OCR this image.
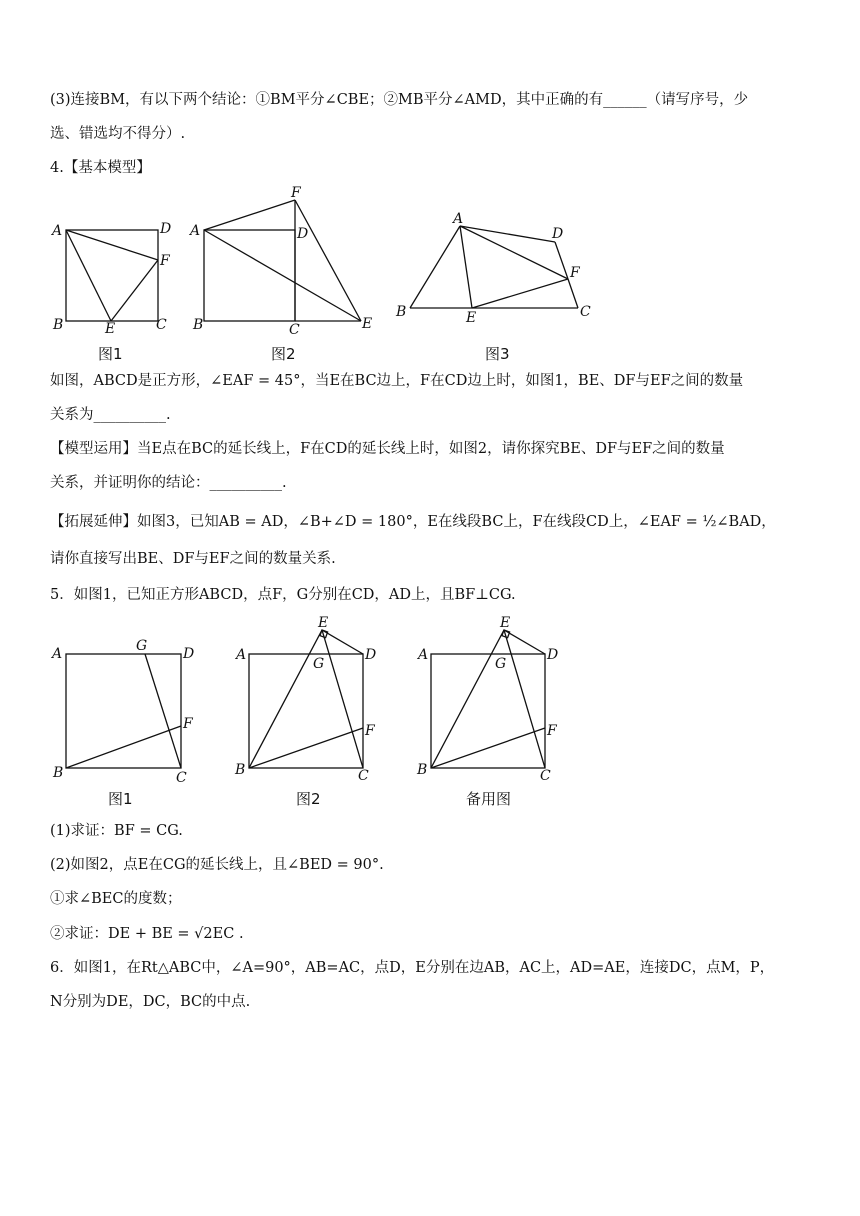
(3)连接BM，有以下两个结论：①BM平分∠CBE；②MB平分∠AMD，其中正确的有______（请写序号，少
选、错选均不得分）.
4.【基本模型】
A	D
F
B	E	C
图1
A
F
D
B	C	E
图2
A
D
F
B	E	C
图3
如图，ABCD是正方形，∠EAF = 45°，当E在BC边上，F在CD边上时，如图1，BE、DF与EF之间的数量
关系为__________.
【模型运用】当E点在BC的延长线上，F在CD的延长线上时，如图2，请你探究BE、DF与EF之间的数量
关系，并证明你的结论：__________.
【拓展延伸】如图3，已知AB = AD，∠B+∠D = 180°，E在线段BC上，F在线段CD上，∠EAF = ½∠BAD，
请你直接写出BE、DF与EF之间的数量关系.
5．如图1，已知正方形ABCD，点F，G分别在CD，AD上，且BF⊥CG.
A	G	D
F
B	C
图1
E
G
A	D
F
B	C
图2
E
G
A	D
F
B	C
备用图
(1)求证：BF = CG.
(2)如图2，点E在CG的延长线上，且∠BED = 90°.
①求∠BEC的度数；
②求证：DE + BE = √2EC .
6．如图1，在Rt△ABC中，∠A=90°，AB=AC，点D，E分别在边AB，AC上，AD=AE，连接DC，点M，P，
N分别为DE，DC，BC的中点.
